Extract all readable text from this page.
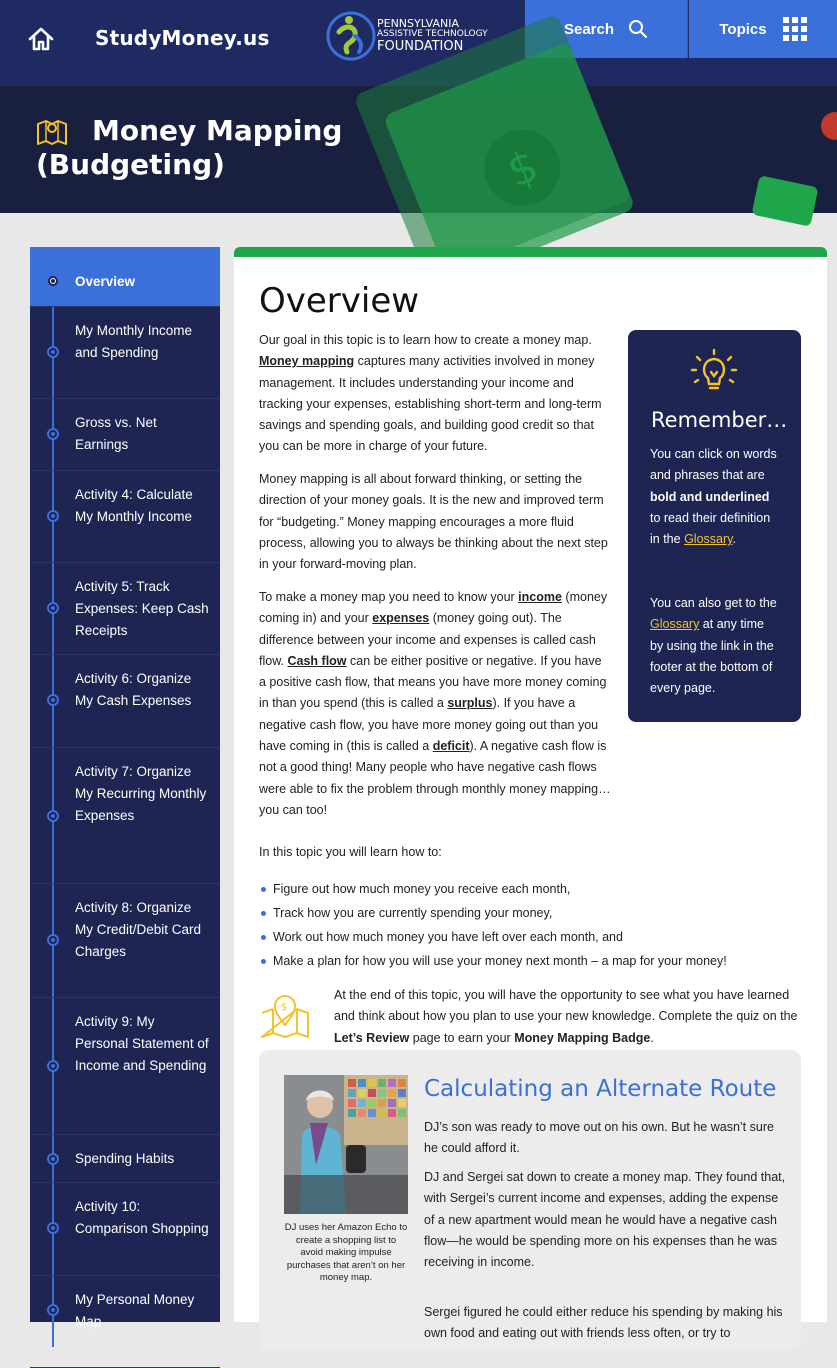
StudyMoney.us
PENNSYLVANIA
ASSISTIVE TECHNOLOGY
FOUNDATION
Search	Topics
$
Money Mapping
(Budgeting)
Overview
My Monthly Income and Spending
Gross vs. Net Earnings
Activity 4: Calculate My Monthly Income
Activity 5: Track Expenses: Keep Cash Receipts
Activity 6: Organize My Cash Expenses
Activity 7: Organize My Recurring Monthly Expenses
Activity 8: Organize My Credit/Debit Card Charges
Activity 9: My Personal Statement of Income and Spending
Spending Habits
Activity 10: Comparison Shopping
My Personal Money Map
Overview
Our goal in this topic is to learn how to create a money map. Money mapping captures many activities involved in money management. It includes understanding your income and tracking your expenses, establishing short-term and long-term savings and spending goals, and building good credit so that you can be more in charge of your future.
Money mapping is all about forward thinking, or setting the direction of your money goals. It is the new and improved term for “budgeting.” Money mapping encourages a more fluid process, allowing you to always be thinking about the next step in your forward-moving plan.
To make a money map you need to know your income (money coming in) and your expenses (money going out). The difference between your income and expenses is called cash flow. Cash flow can be either positive or negative. If you have a positive cash flow, that means you have more money coming in than you spend (this is called a surplus). If you have a negative cash flow, you have more money going out than you have coming in (this is called a deficit). A negative cash flow is not a good thing! Many people who have negative cash flows were able to fix the problem through monthly money mapping… you can too!
Remember…
You can click on words and phrases that are bold and underlined to read their definition in the Glossary.
You can also get to the Glossary at any time by using the link in the footer at the bottom of every page.
In this topic you will learn how to:
Figure out how much money you receive each month,
Track how you are currently spending your money,
Work out how much money you have left over each month, and
Make a plan for how you will use your money next month – a map for your money!
$
At the end of this topic, you will have the opportunity to see what you have learned and think about how you plan to use your new knowledge. Complete the quiz on the Let’s Review page to earn your Money Mapping Badge.
DJ uses her Amazon Echo to create a shopping list to avoid making impulse purchases that aren’t on her money map.
Calculating an Alternate Route
DJ’s son was ready to move out on his own. But he wasn’t sure he could afford it.
DJ and Sergei sat down to create a money map. They found that, with Sergei’s current income and expenses, adding the expense of a new apartment would mean he would have a negative cash flow—he would be spending more on his expenses than he was receiving in income.
Sergei figured he could either reduce his spending by making his own food and eating out with friends less often, or try to
